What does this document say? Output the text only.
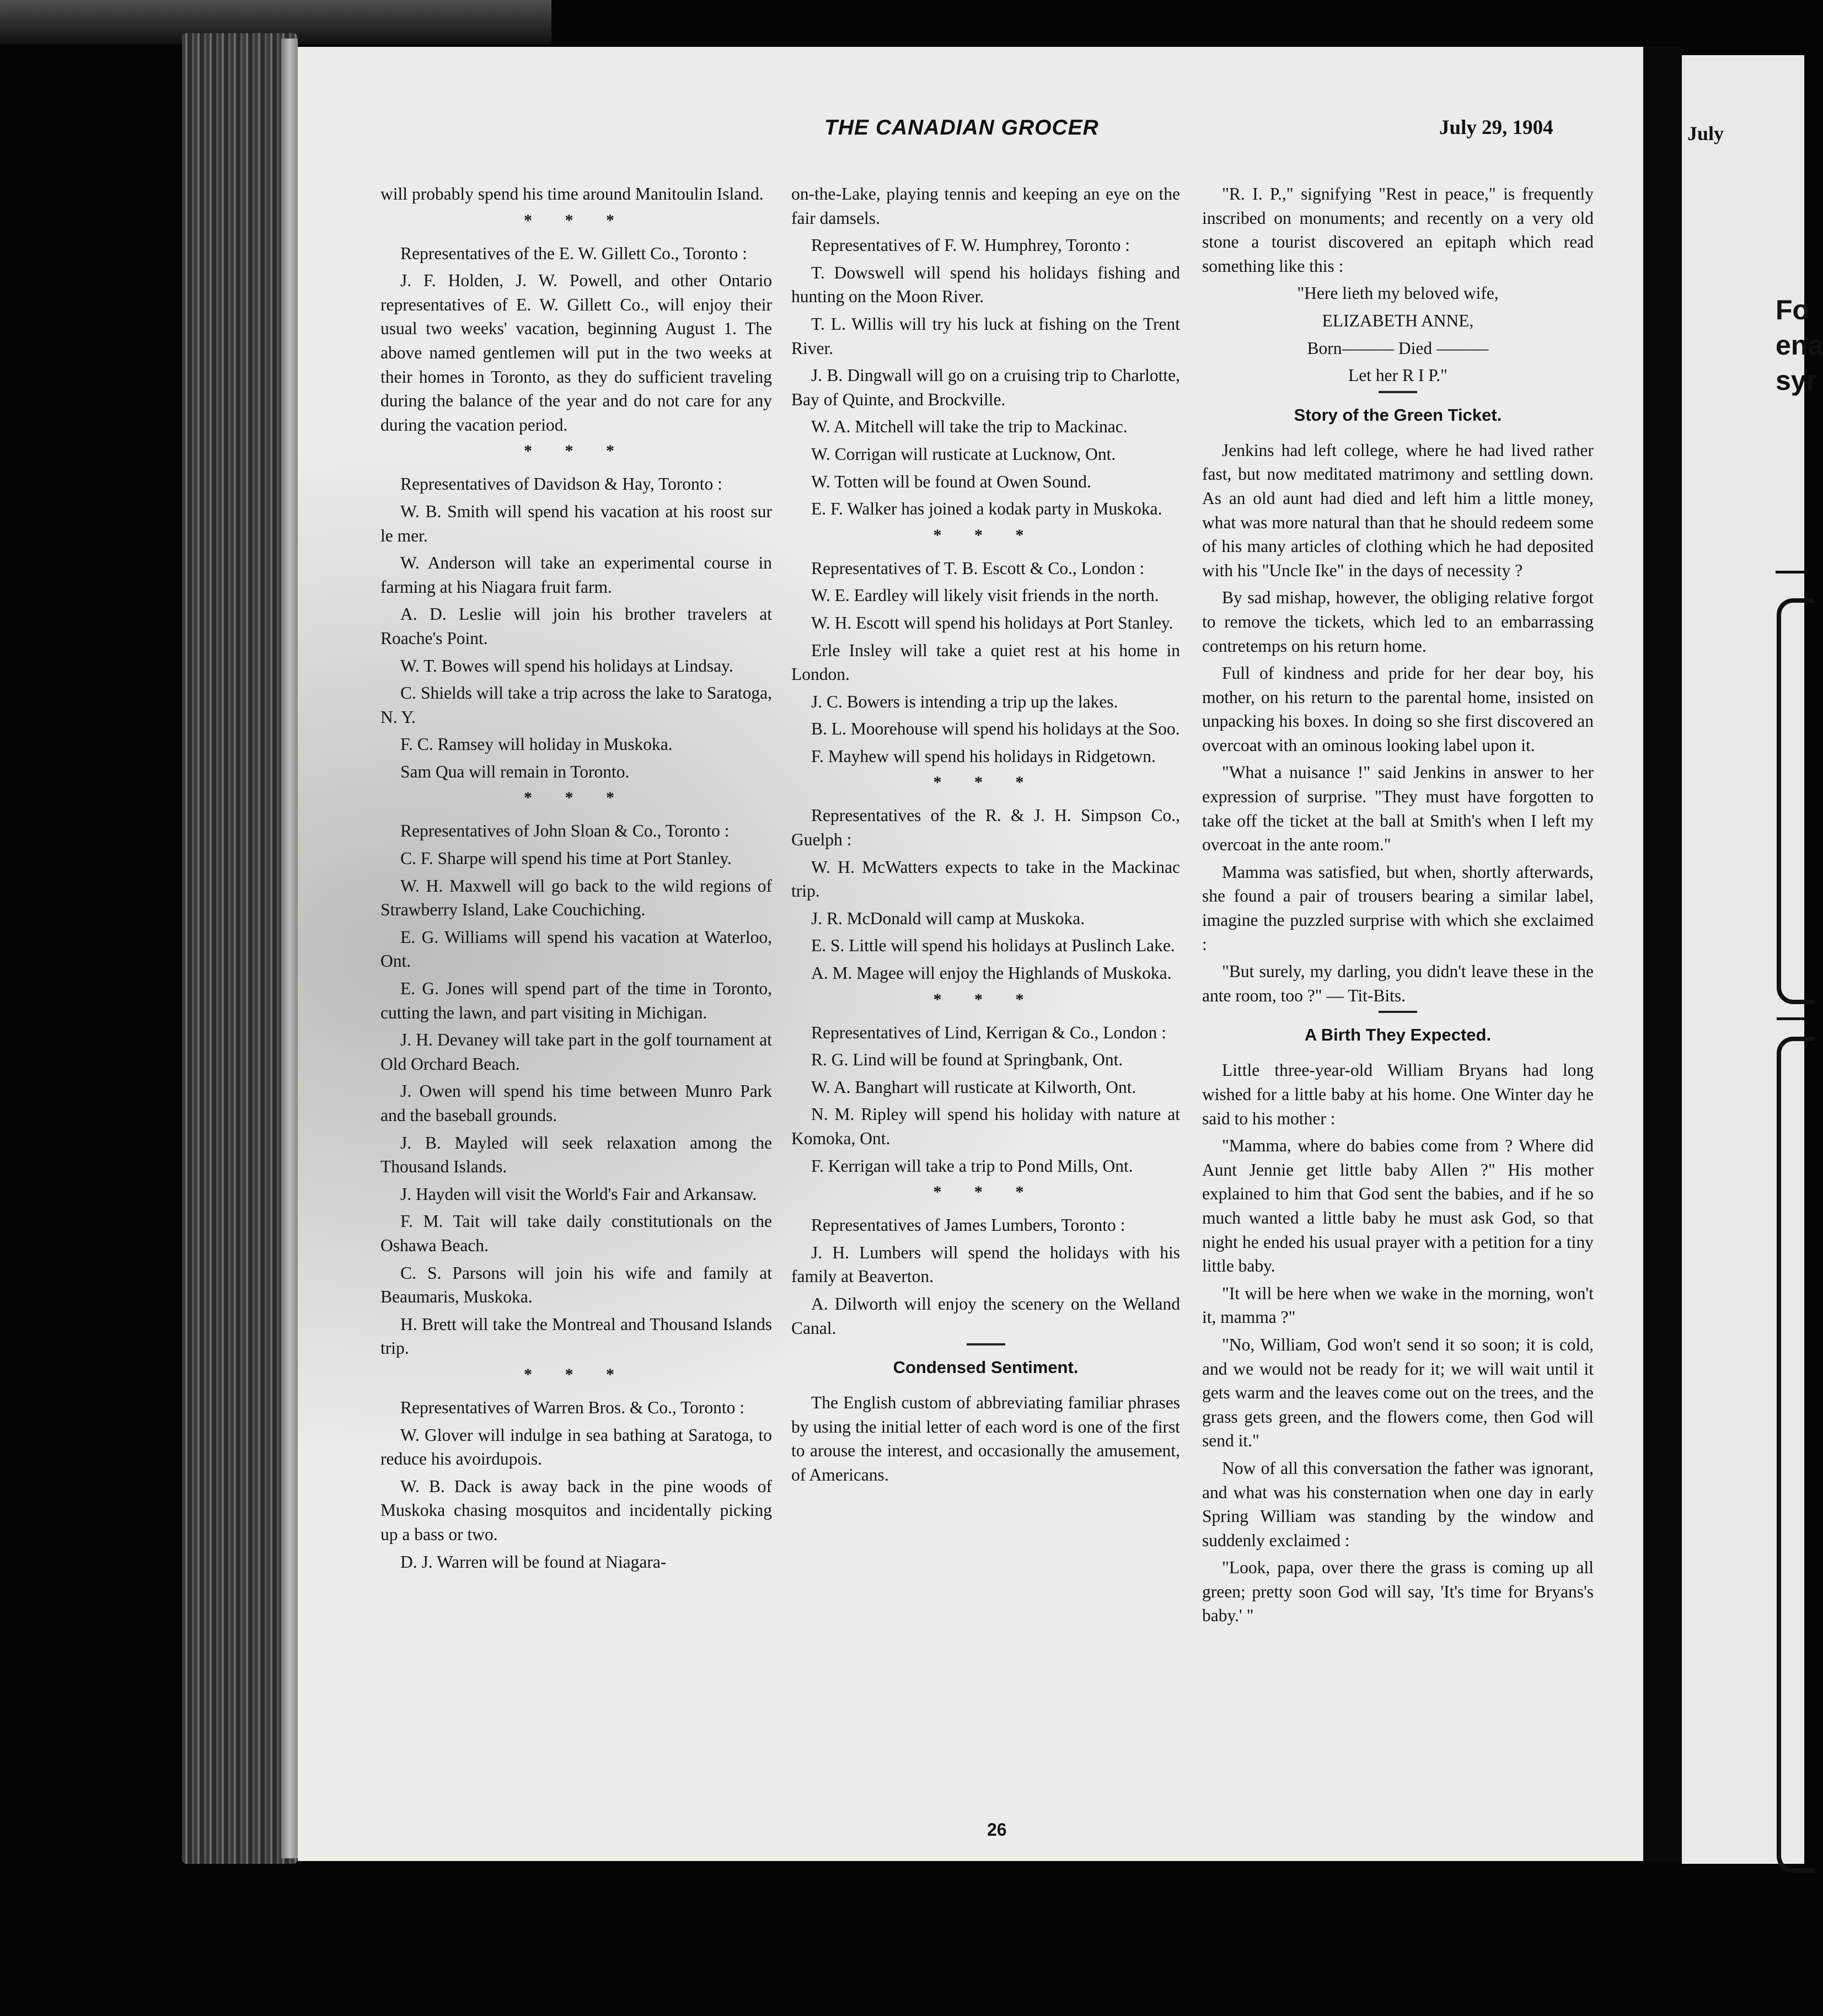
July
Fo
ena
syr
THE CANADIAN GROCER	July 29, 1904

will probably spend his time around Manitoulin Island.

* * *

Representatives of the E. W. Gillett Co., Toronto :

J. F. Holden, J. W. Powell, and other Ontario representatives of E. W. Gillett Co., will enjoy their usual two weeks' vacation, beginning August 1. The above named gentlemen will put in the two weeks at their homes in Toronto, as they do sufficient traveling during the balance of the year and do not care for any during the vacation period.

* * *

Representatives of Davidson & Hay, Toronto :

W. B. Smith will spend his vacation at his roost sur le mer.

W. Anderson will take an experimental course in farming at his Niagara fruit farm.

A. D. Leslie will join his brother travelers at Roache's Point.

W. T. Bowes will spend his holidays at Lindsay.

C. Shields will take a trip across the lake to Saratoga, N. Y.

F. C. Ramsey will holiday in Muskoka.

Sam Qua will remain in Toronto.

* * *

Representatives of John Sloan & Co., Toronto :

C. F. Sharpe will spend his time at Port Stanley.

W. H. Maxwell will go back to the wild regions of Strawberry Island, Lake Couchiching.

E. G. Williams will spend his vacation at Waterloo, Ont.

E. G. Jones will spend part of the time in Toronto, cutting the lawn, and part visiting in Michigan.

J. H. Devaney will take part in the golf tournament at Old Orchard Beach.

J. Owen will spend his time between Munro Park and the baseball grounds.

J. B. Mayled will seek relaxation among the Thousand Islands.

J. Hayden will visit the World's Fair and Arkansaw.

F. M. Tait will take daily constitutionals on the Oshawa Beach.

C. S. Parsons will join his wife and family at Beaumaris, Muskoka.

H. Brett will take the Montreal and Thousand Islands trip.

* * *

Representatives of Warren Bros. & Co., Toronto :

W. Glover will indulge in sea bathing at Saratoga, to reduce his avoirdupois.

W. B. Dack is away back in the pine woods of Muskoka chasing mosquitos and incidentally picking up a bass or two.

D. J. Warren will be found at Niagara-

on-the-Lake, playing tennis and keeping an eye on the fair damsels.

Representatives of F. W. Humphrey, Toronto :

T. Dowswell will spend his holidays fishing and hunting on the Moon River.

T. L. Willis will try his luck at fishing on the Trent River.

J. B. Dingwall will go on a cruising trip to Charlotte, Bay of Quinte, and Brockville.

W. A. Mitchell will take the trip to Mackinac.

W. Corrigan will rusticate at Lucknow, Ont.

W. Totten will be found at Owen Sound.

E. F. Walker has joined a kodak party in Muskoka.

* * *

Representatives of T. B. Escott & Co., London :

W. E. Eardley will likely visit friends in the north.

W. H. Escott will spend his holidays at Port Stanley.

Erle Insley will take a quiet rest at his home in London.

J. C. Bowers is intending a trip up the lakes.

B. L. Moorehouse will spend his holidays at the Soo.

F. Mayhew will spend his holidays in Ridgetown.

* * *

Representatives of the R. & J. H. Simpson Co., Guelph :

W. H. McWatters expects to take in the Mackinac trip.

J. R. McDonald will camp at Muskoka.

E. S. Little will spend his holidays at Puslinch Lake.

A. M. Magee will enjoy the Highlands of Muskoka.

* * *

Representatives of Lind, Kerrigan & Co., London :

R. G. Lind will be found at Springbank, Ont.

W. A. Banghart will rusticate at Kilworth, Ont.

N. M. Ripley will spend his holiday with nature at Komoka, Ont.

F. Kerrigan will take a trip to Pond Mills, Ont.

* * *

Representatives of James Lumbers, Toronto :

J. H. Lumbers will spend the holidays with his family at Beaverton.

A. Dilworth will enjoy the scenery on the Welland Canal.

Condensed Sentiment.

The English custom of abbreviating familiar phrases by using the initial letter of each word is one of the first to arouse the interest, and occasionally the amusement, of Americans.

"R. I. P.," signifying "Rest in peace," is frequently inscribed on monuments; and recently on a very old stone a tourist discovered an epitaph which read something like this :

"Here lieth my beloved wife,

ELIZABETH ANNE,

Born——— Died ———

Let her R I P."

Story of the Green Ticket.

Jenkins had left college, where he had lived rather fast, but now meditated matrimony and settling down. As an old aunt had died and left him a little money, what was more natural than that he should redeem some of his many articles of clothing which he had deposited with his "Uncle Ike" in the days of necessity ?

By sad mishap, however, the obliging relative forgot to remove the tickets, which led to an embarrassing contretemps on his return home.

Full of kindness and pride for her dear boy, his mother, on his return to the parental home, insisted on unpacking his boxes. In doing so she first discovered an overcoat with an ominous looking label upon it.

"What a nuisance !" said Jenkins in answer to her expression of surprise. "They must have forgotten to take off the ticket at the ball at Smith's when I left my overcoat in the ante room."

Mamma was satisfied, but when, shortly afterwards, she found a pair of trousers bearing a similar label, imagine the puzzled surprise with which she exclaimed :

"But surely, my darling, you didn't leave these in the ante room, too ?" — Tit-Bits.

A Birth They Expected.

Little three-year-old William Bryans had long wished for a little baby at his home. One Winter day he said to his mother :

"Mamma, where do babies come from ? Where did Aunt Jennie get little baby Allen ?" His mother explained to him that God sent the babies, and if he so much wanted a little baby he must ask God, so that night he ended his usual prayer with a petition for a tiny little baby.

"It will be here when we wake in the morning, won't it, mamma ?"

"No, William, God won't send it so soon; it is cold, and we would not be ready for it; we will wait until it gets warm and the leaves come out on the trees, and the grass gets green, and the flowers come, then God will send it."

Now of all this conversation the father was ignorant, and what was his consternation when one day in early Spring William was standing by the window and suddenly exclaimed :

"Look, papa, over there the grass is coming up all green; pretty soon God will say, 'It's time for Bryans's baby.' "

26
